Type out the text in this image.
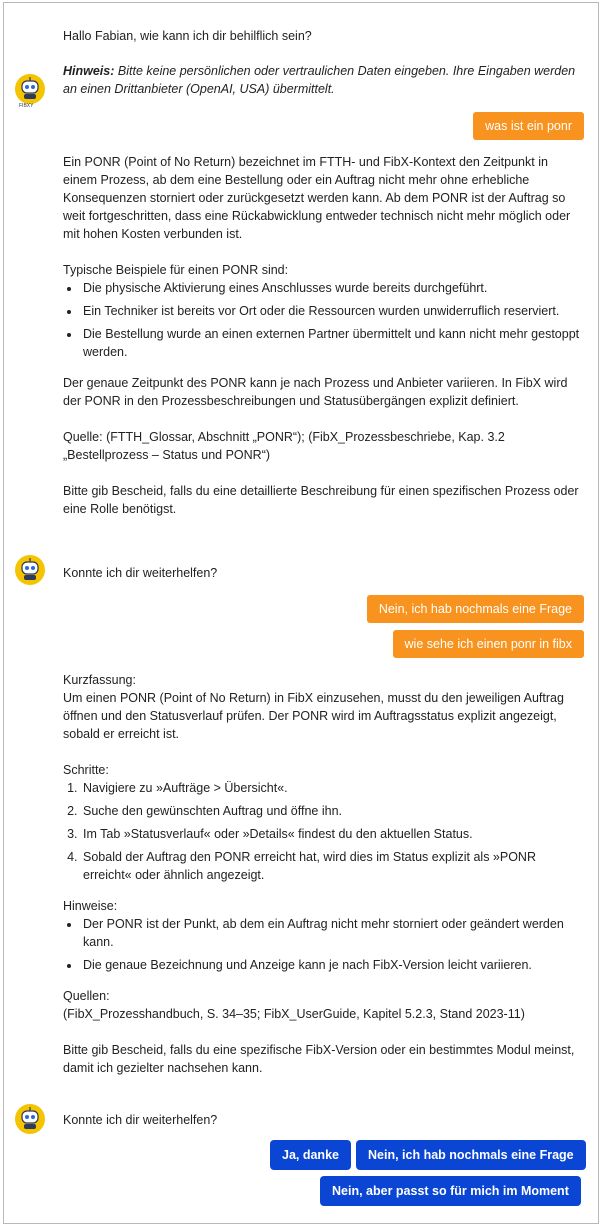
Hallo Fabian, wie kann ich dir behilflich sein?
FIBXY
Hinweis: Bitte keine persönlichen oder vertraulichen Daten eingeben. Ihre Eingaben werden an einen Drittanbieter (OpenAI, USA) übermittelt.
was ist ein ponr
Ein PONR (Point of No Return) bezeichnet im FTTH- und FibX-Kontext den Zeitpunkt in einem Prozess, ab dem eine Bestellung oder ein Auftrag nicht mehr ohne erhebliche Konsequenzen storniert oder zurückgesetzt werden kann. Ab dem PONR ist der Auftrag so weit fortgeschritten, dass eine Rückabwicklung entweder technisch nicht mehr möglich oder mit hohen Kosten verbunden ist.
Typische Beispiele für einen PONR sind:
• Die physische Aktivierung eines Anschlusses wurde bereits durchgeführt.
• Ein Techniker ist bereits vor Ort oder die Ressourcen wurden unwiderruflich reserviert.
• Die Bestellung wurde an einen externen Partner übermittelt und kann nicht mehr gestoppt werden.
Der genaue Zeitpunkt des PONR kann je nach Prozess und Anbieter variieren. In FibX wird der PONR in den Prozessbeschreibungen und Statusübergängen explizit definiert.
Quelle: (FTTH_Glossar, Abschnitt „PONR“); (FibX_Prozessbeschriebe, Kap. 3.2 „Bestellprozess – Status und PONR“)
Bitte gib Bescheid, falls du eine detaillierte Beschreibung für einen spezifischen Prozess oder eine Rolle benötigst.
Konnte ich dir weiterhelfen?
Nein, ich hab nochmals eine Frage
wie sehe ich einen ponr in fibx
Kurzfassung:
Um einen PONR (Point of No Return) in FibX einzusehen, musst du den jeweiligen Auftrag öffnen und den Statusverlauf prüfen. Der PONR wird im Auftragsstatus explizit angezeigt, sobald er erreicht ist.
Schritte:
1. Navigiere zu »Aufträge > Übersicht«.
2. Suche den gewünschten Auftrag und öffne ihn.
3. Im Tab »Statusverlauf« oder »Details« findest du den aktuellen Status.
4. Sobald der Auftrag den PONR erreicht hat, wird dies im Status explizit als »PONR erreicht« oder ähnlich angezeigt.
Hinweise:
• Der PONR ist der Punkt, ab dem ein Auftrag nicht mehr storniert oder geändert werden kann.
• Die genaue Bezeichnung und Anzeige kann je nach FibX-Version leicht variieren.
Quellen:
(FibX_Prozesshandbuch, S. 34–35; FibX_UserGuide, Kapitel 5.2.3, Stand 2023-11)
Bitte gib Bescheid, falls du eine spezifische FibX-Version oder ein bestimmtes Modul meinst, damit ich gezielter nachsehen kann.
Konnte ich dir weiterhelfen?
Ja, danke	Nein, ich hab nochmals eine Frage
Nein, aber passt so für mich im Moment
